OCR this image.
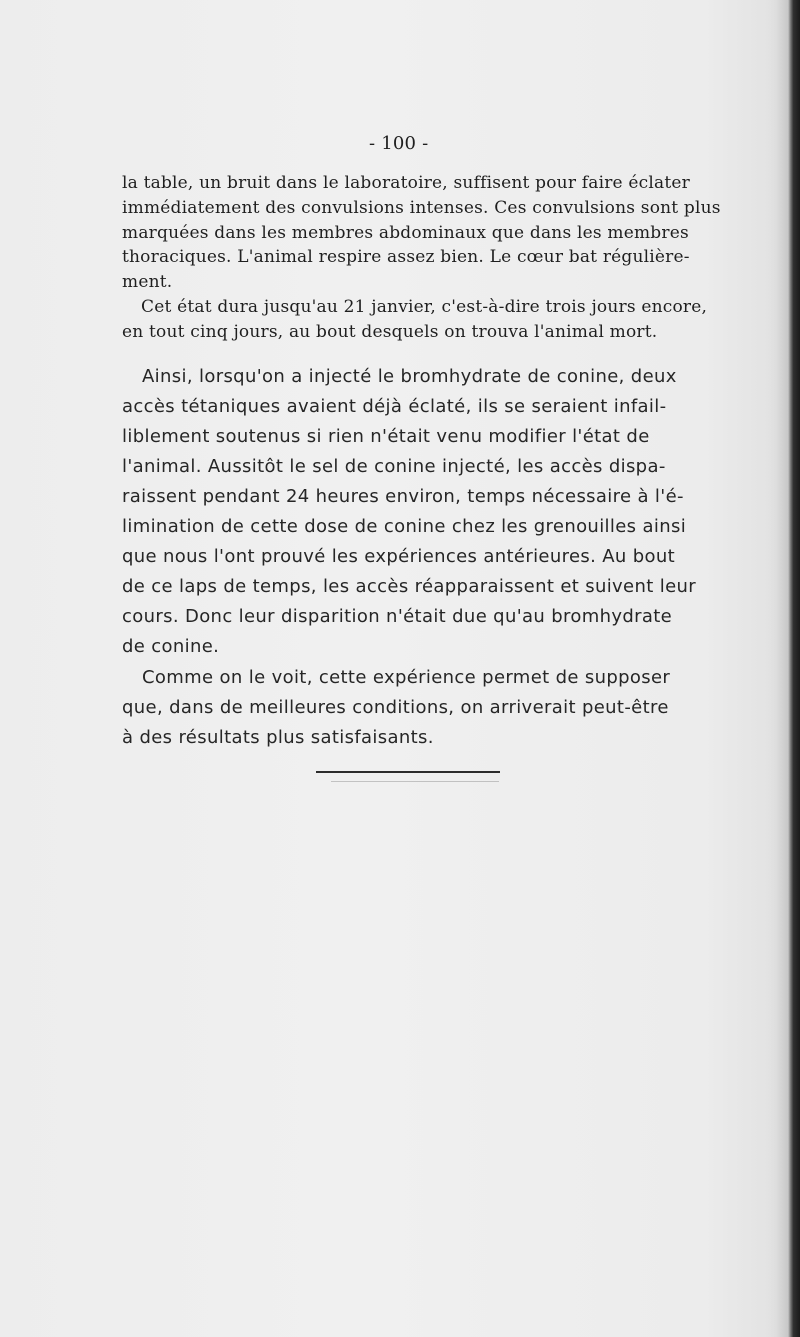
- 100 -
la table, un bruit dans le laboratoire, suffisent pour faire éclater
immédiatement des convulsions intenses. Ces convulsions sont plus
marquées dans les membres abdominaux que dans les membres
thoraciques. L'animal respire assez bien. Le cœur bat régulière-
ment.
Cet état dura jusqu'au 21 janvier, c'est-à-dire trois jours encore,
en tout cinq jours, au bout desquels on trouva l'animal mort.
Ainsi, lorsqu'on a injecté le bromhydrate de conine, deux
accès tétaniques avaient déjà éclaté, ils se seraient infail-
liblement soutenus si rien n'était venu modifier l'état de
l'animal. Aussitôt le sel de conine injecté, les accès dispa-
raissent pendant 24 heures environ, temps nécessaire à l'é-
limination de cette dose de conine chez les grenouilles ainsi
que nous l'ont prouvé les expériences antérieures. Au bout
de ce laps de temps, les accès réapparaissent et suivent leur
cours. Donc leur disparition n'était due qu'au bromhydrate
de conine.
Comme on le voit, cette expérience permet de supposer
que, dans de meilleures conditions, on arriverait peut-être
à des résultats plus satisfaisants.
